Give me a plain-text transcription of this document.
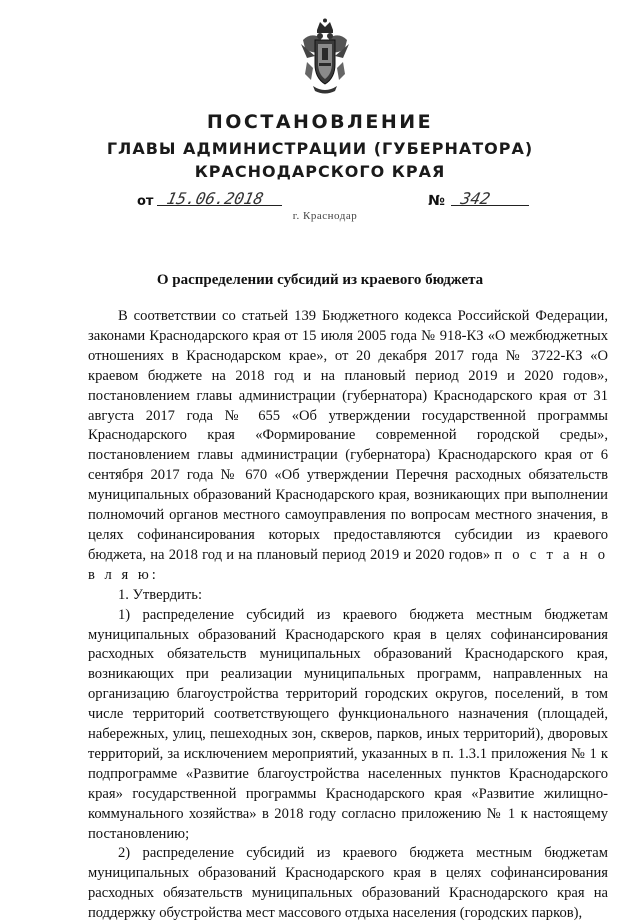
ПОСТАНОВЛЕНИЕ
ГЛАВЫ АДМИНИСТРАЦИИ (ГУБЕРНАТОРА)
КРАСНОДАРСКОГО КРАЯ
от 15.06.2018	№ 342
г. Краснодар
О распределении субсидий из краевого бюджета

В соответствии со статьей 139 Бюджетного кодекса Российской Федерации, законами Краснодарского края от 15 июля 2005 года № 918-КЗ «О межбюджетных отношениях в Краснодарском крае», от 20 декабря 2017 года № 3722-КЗ «О краевом бюджете на 2018 год и на плановый период 2019 и 2020 годов», постановлением главы администрации (губернатора) Краснодарского края от 31 августа 2017 года № 655 «Об утверждении государственной программы Краснодарского края «Формирование современной городской среды», постановлением главы администрации (губернатора) Краснодарского края от 6 сентября 2017 года № 670 «Об утверждении Перечня расходных обязательств муниципальных образований Краснодарского края, возникающих при выполнении полномочий органов местного самоуправления по вопросам местного значения, в целях софинансирования которых предоставляются субсидии из краевого бюджета, на 2018 год и на плановый период 2019 и 2020 годов» п о с т а н о в л я ю:

1. Утвердить:

1) распределение субсидий из краевого бюджета местным бюджетам муниципальных образований Краснодарского края в целях софинансирования расходных обязательств муниципальных образований Краснодарского края, возникающих при реализации муниципальных программ, направленных на организацию благоустройства территорий городских округов, поселений, в том числе территорий соответствующего функционального назначения (площадей, набережных, улиц, пешеходных зон, скверов, парков, иных территорий), дворовых территорий, за исключением мероприятий, указанных в п. 1.3.1 приложения № 1 к подпрограмме «Развитие благоустройства населенных пунктов Краснодарского края» государственной программы Краснодарского края «Развитие жилищно-коммунального хозяйства» в 2018 году согласно приложению № 1 к настоящему постановлению;

2) распределение субсидий из краевого бюджета местным бюджетам муниципальных образований Краснодарского края в целях софинансирования расходных обязательств муниципальных образований Краснодарского края на поддержку обустройства мест массового отдыха населения (городских парков),
